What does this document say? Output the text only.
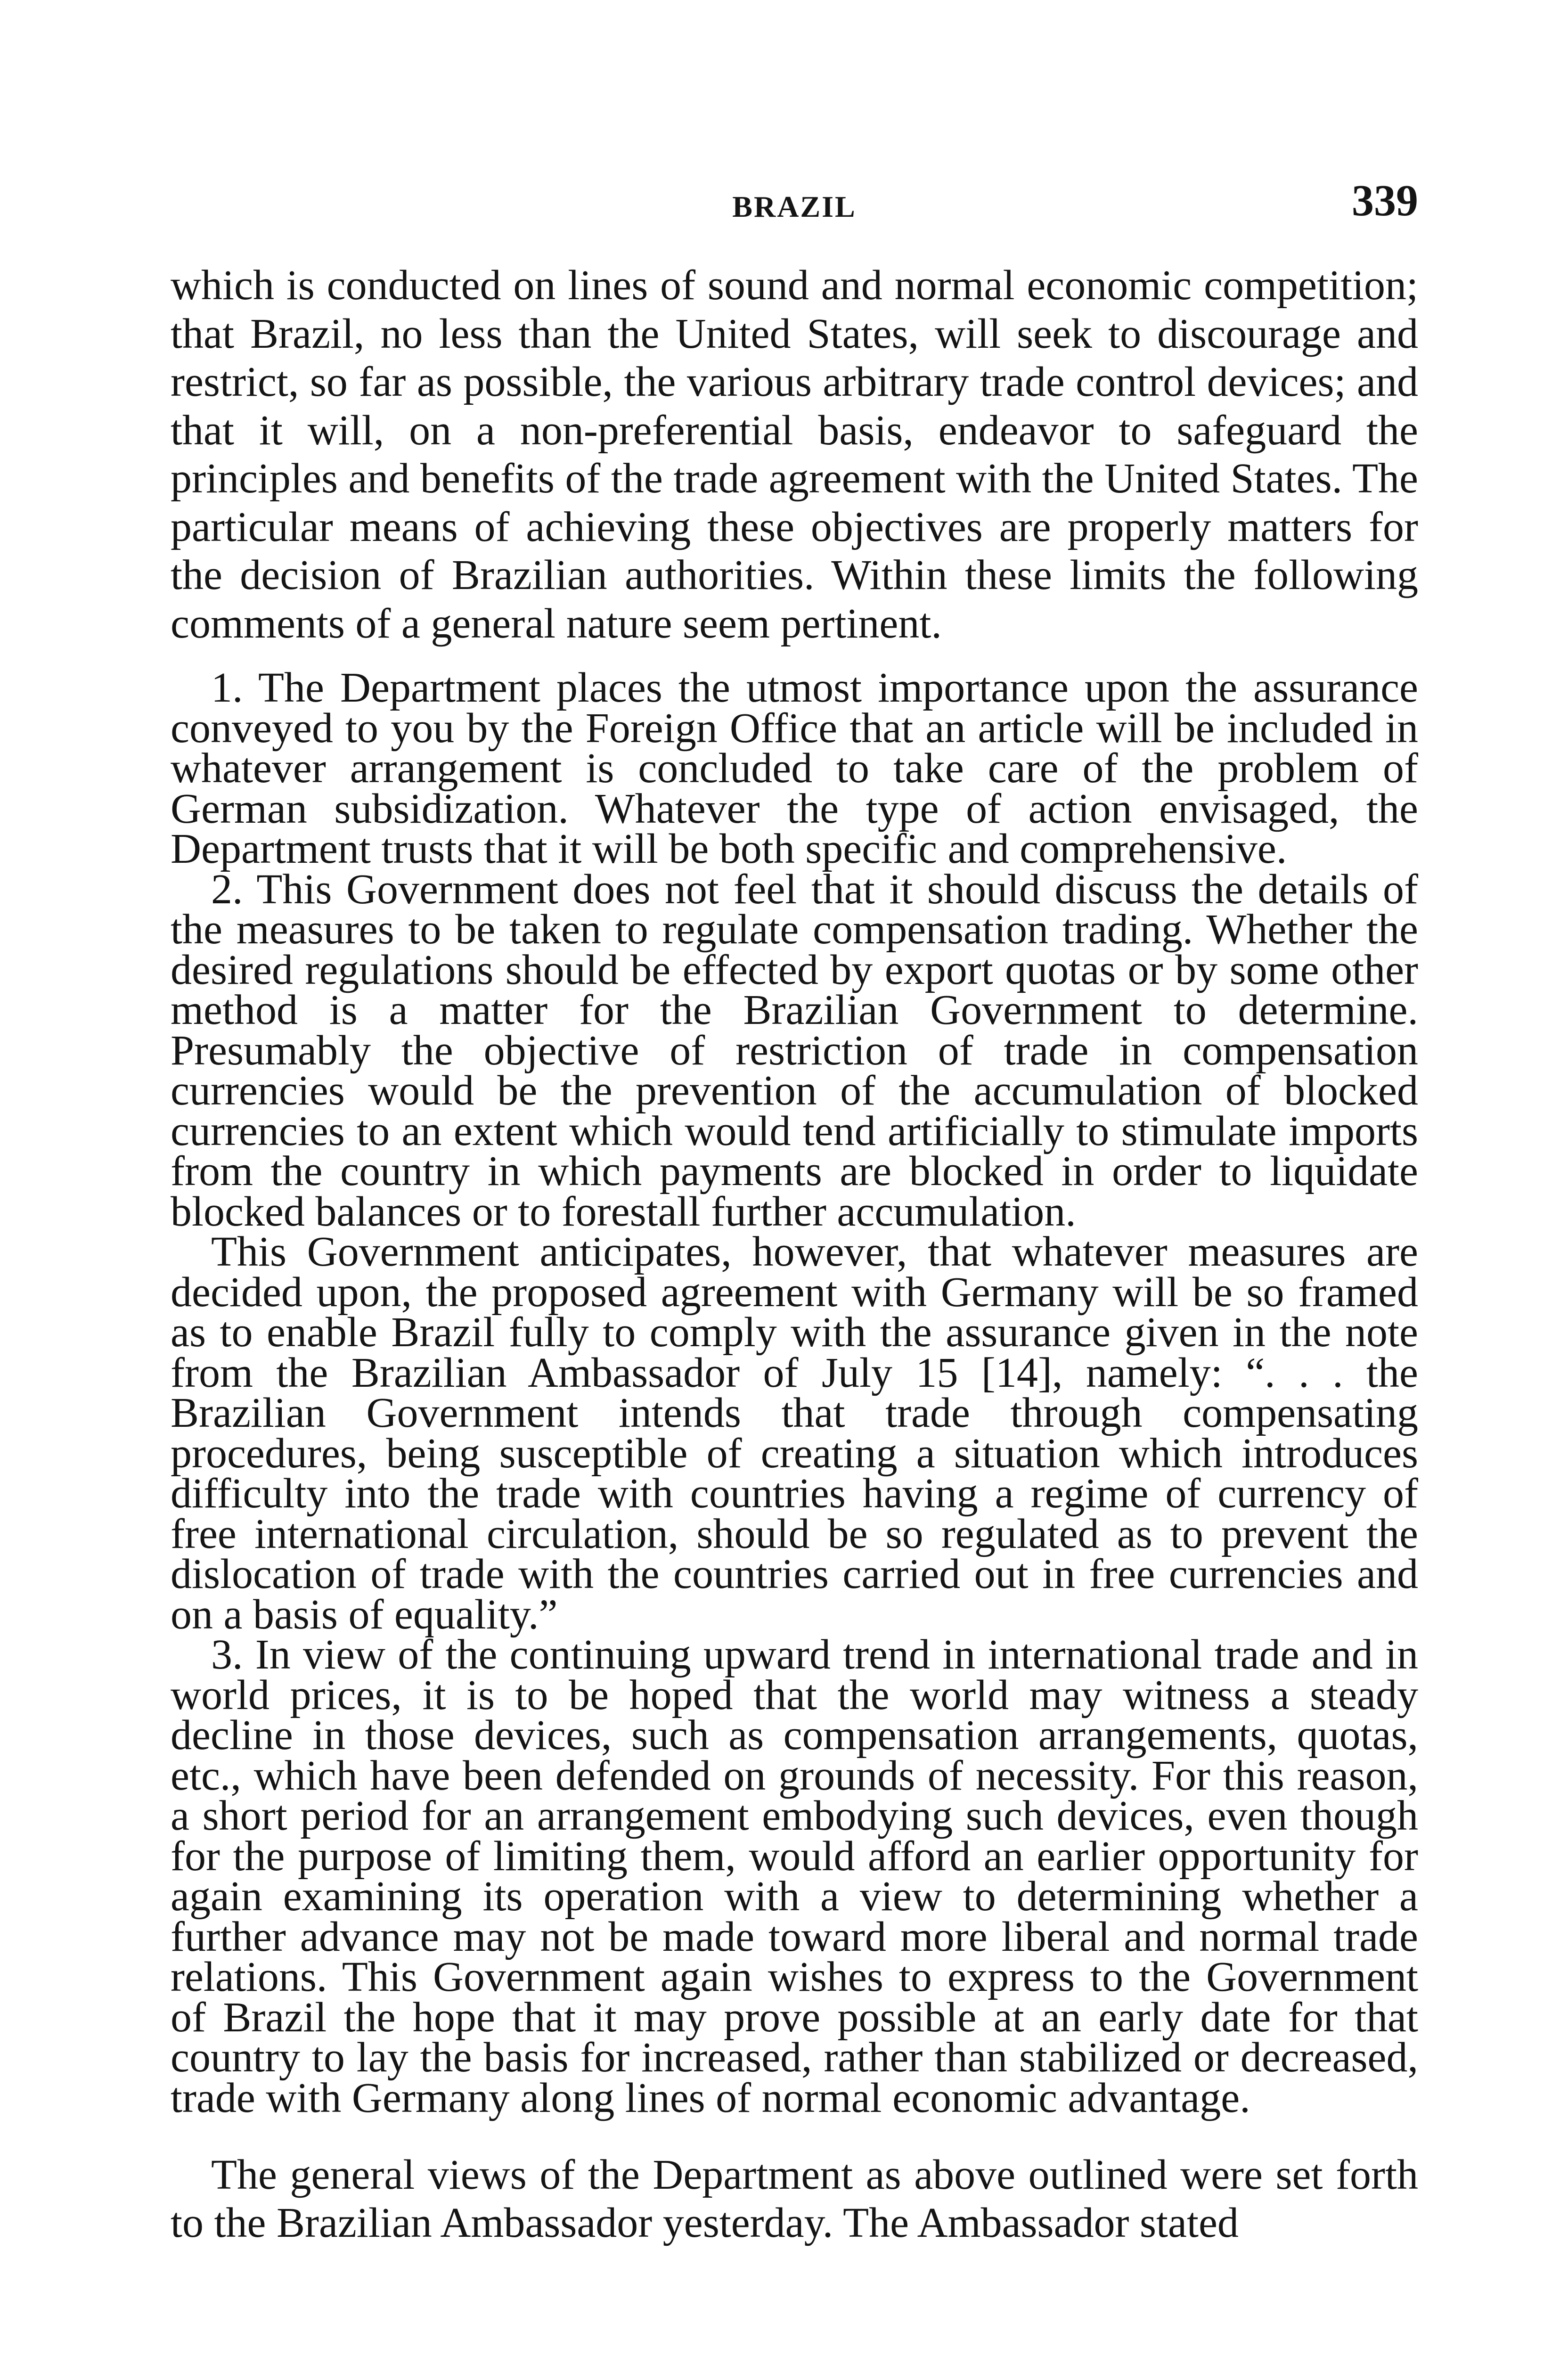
BRAZIL	339

which is conducted on lines of sound and normal economic competition; that Brazil, no less than the United States, will seek to discourage and restrict, so far as possible, the various arbitrary trade control devices; and that it will, on a non-preferential basis, endeavor to safeguard the principles and benefits of the trade agreement with the United States. The particular means of achieving these objectives are properly matters for the decision of Brazilian authorities. Within these limits the following comments of a general nature seem pertinent.

1. The Department places the utmost importance upon the assurance conveyed to you by the Foreign Office that an article will be included in whatever arrangement is concluded to take care of the problem of German subsidization. Whatever the type of action envisaged, the Department trusts that it will be both specific and comprehensive.

2. This Government does not feel that it should discuss the details of the measures to be taken to regulate compensation trading. Whether the desired regulations should be effected by export quotas or by some other method is a matter for the Brazilian Government to determine. Presumably the objective of restriction of trade in compensation currencies would be the prevention of the accumulation of blocked currencies to an extent which would tend artificially to stimulate imports from the country in which payments are blocked in order to liquidate blocked balances or to forestall further accumulation.

This Government anticipates, however, that whatever measures are decided upon, the proposed agreement with Germany will be so framed as to enable Brazil fully to comply with the assurance given in the note from the Brazilian Ambassador of July 15 [14], namely: “. . . the Brazilian Government intends that trade through compensating procedures, being susceptible of creating a situation which introduces difficulty into the trade with countries having a regime of currency of free international circulation, should be so regulated as to prevent the dislocation of trade with the countries carried out in free currencies and on a basis of equality.”

3. In view of the continuing upward trend in international trade and in world prices, it is to be hoped that the world may witness a steady decline in those devices, such as compensation arrangements, quotas, etc., which have been defended on grounds of necessity. For this reason, a short period for an arrangement embodying such devices, even though for the purpose of limiting them, would afford an earlier opportunity for again examining its operation with a view to determining whether a further advance may not be made toward more liberal and normal trade relations. This Government again wishes to express to the Government of Brazil the hope that it may prove possible at an early date for that country to lay the basis for increased, rather than stabilized or decreased, trade with Germany along lines of normal economic advantage.

The general views of the Department as above outlined were set forth to the Brazilian Ambassador yesterday. The Ambassador stated
